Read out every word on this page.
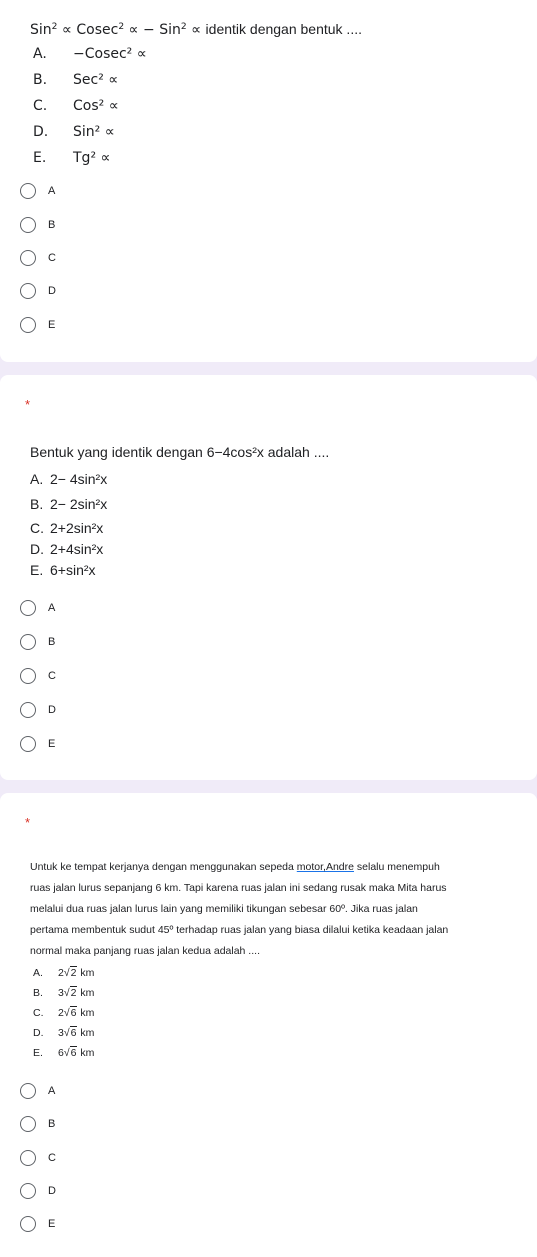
Sin$^2$ ∝ Cosec$^2$ ∝ − Sin$^2$ ∝ identik dengan bentuk ....
A. −Cosec² ∝
B. Sec² ∝
C. Cos² ∝
D. Sin² ∝
E. Tg² ∝
A
B
C
D
E
*
Bentuk yang identik dengan 6−4cos²x adalah ....
A. 2− 4sin²x
B. 2− 2sin²x
C. 2+2sin²x
D. 2+4sin²x
E. 6+sin²x
A
B
C
D
E
*
Untuk ke tempat kerjanya dengan menggunakan sepeda motor,Andre selalu menempuh
ruas jalan lurus sepanjang 6 km. Tapi karena ruas jalan ini sedang rusak maka Mita harus
melalui dua ruas jalan lurus lain yang memiliki tikungan sebesar 60º. Jika ruas jalan
pertama membentuk sudut 45º terhadap ruas jalan yang biasa dilalui ketika keadaan jalan
normal maka panjang ruas jalan kedua adalah ....
A. 2√2 km
B. 3√2 km
C. 2√6 km
D. 3√6 km
E. 6√6 km
A
B
C
D
E
